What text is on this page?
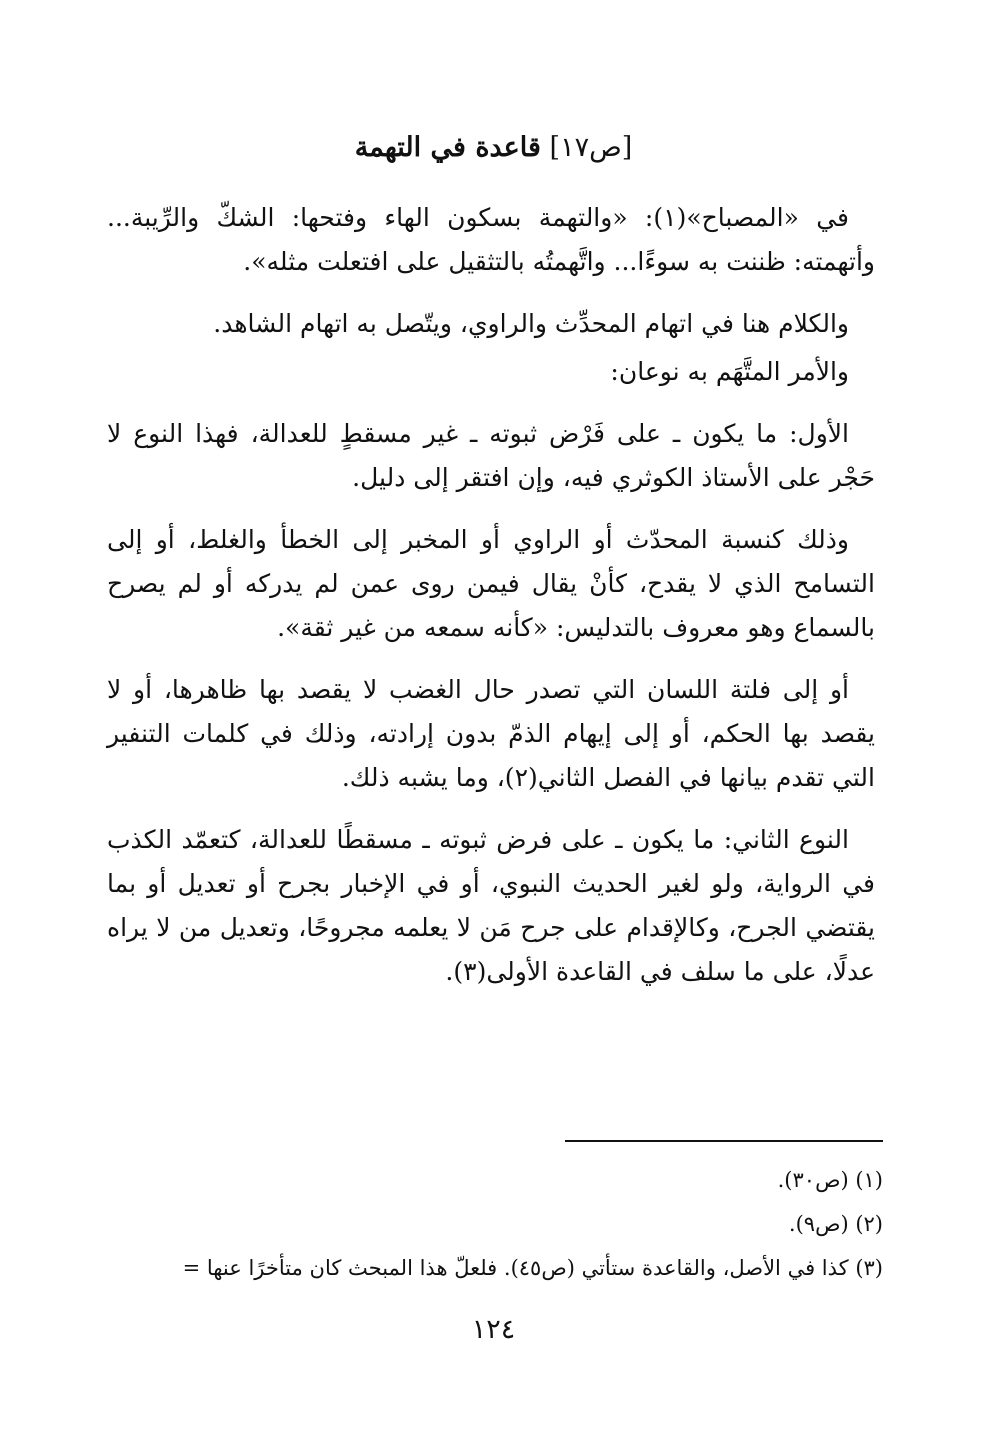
[ص١٧] قاعدة في التهمة

في «المصباح»(١): «والتهمة بسكون الهاء وفتحها: الشكّ والرِّيبة... وأتهمته: ظننت به سوءًا... واتَّهمتُه بالتثقيل على افتعلت مثله».

والكلام هنا في اتهام المحدِّث والراوي، ويتّصل به اتهام الشاهد.

والأمر المتَّهَم به نوعان:

الأول: ما يكون ـ على فَرْض ثبوته ـ غير مسقطٍ للعدالة، فهذا النوع لا حَجْر على الأستاذ الكوثري فيه، وإن افتقر إلى دليل.

وذلك كنسبة المحدّث أو الراوي أو المخبر إلى الخطأ والغلط، أو إلى التسامح الذي لا يقدح، كأنْ يقال فيمن روى عمن لم يدركه أو لم يصرح بالسماع وهو معروف بالتدليس: «كأنه سمعه من غير ثقة».

أو إلى فلتة اللسان التي تصدر حال الغضب لا يقصد بها ظاهرها، أو لا يقصد بها الحكم، أو إلى إيهام الذمّ بدون إرادته، وذلك في كلمات التنفير التي تقدم بيانها في الفصل الثاني(٢)، وما يشبه ذلك.

النوع الثاني: ما يكون ـ على فرض ثبوته ـ مسقطًا للعدالة، كتعمّد الكذب في الرواية، ولو لغير الحديث النبوي، أو في الإخبار بجرح أو تعديل أو بما يقتضي الجرح، وكالإقدام على جرح مَن لا يعلمه مجروحًا، وتعديل من لا يراه عدلًا، على ما سلف في القاعدة الأولى(٣).

(١) (ص٣٠).

(٢) (ص٩).

(٣) كذا في الأصل، والقاعدة ستأتي (ص٤٥). فلعلّ هذا المبحث كان متأخرًا عنها =

١٢٤
